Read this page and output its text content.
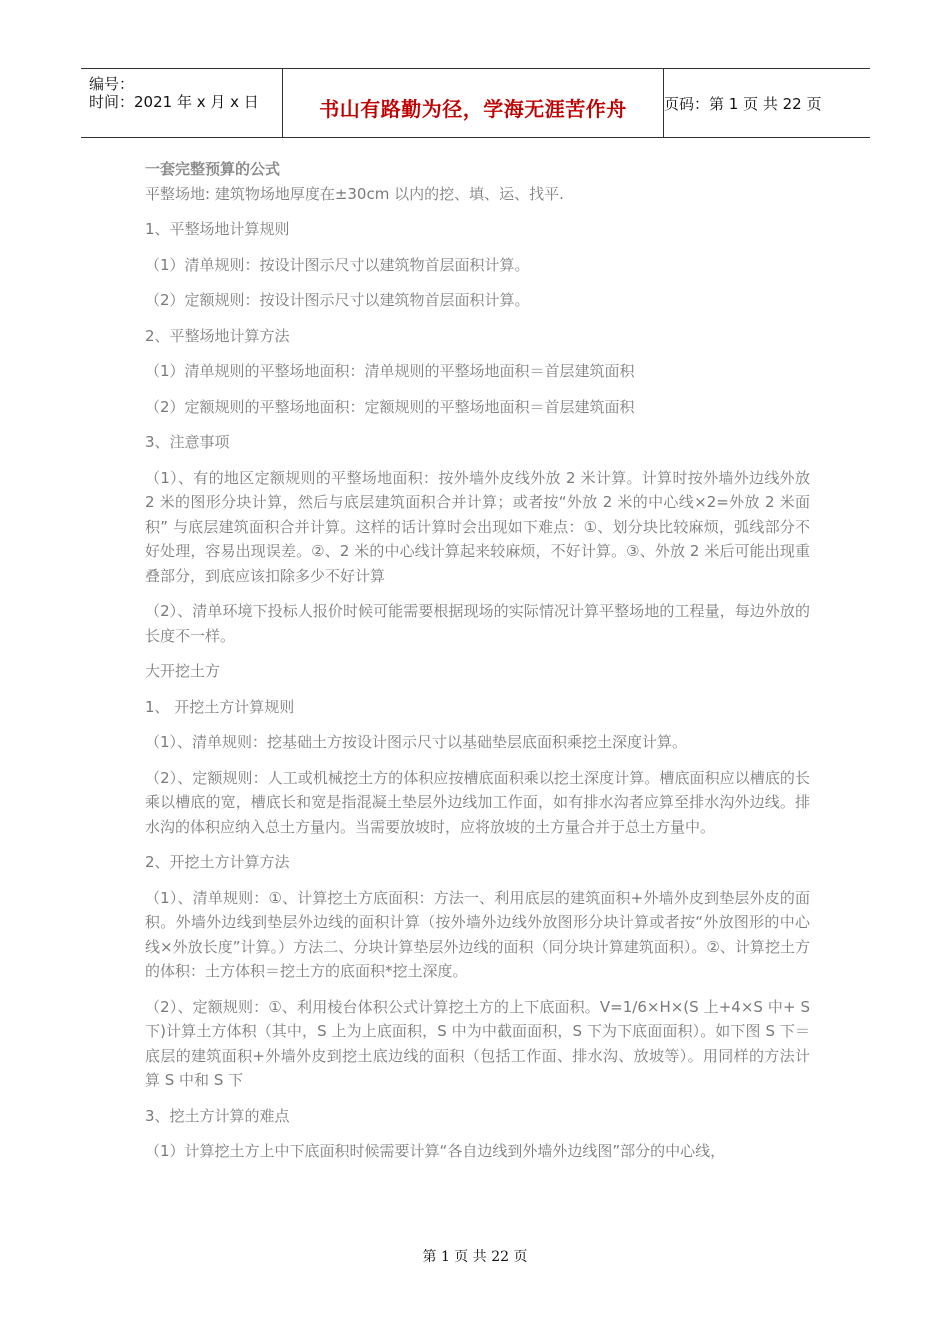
编号：
时间：2021 年 x 月 x 日	书山有路勤为径，学海无涯苦作舟	页码：第 1 页 共 22 页

一套完整预算的公式

平整场地: 建筑物场地厚度在±30cm 以内的挖、填、运、找平.

1、平整场地计算规则

（1）清单规则：按设计图示尺寸以建筑物首层面积计算。

（2）定额规则：按设计图示尺寸以建筑物首层面积计算。

2、平整场地计算方法

（1）清单规则的平整场地面积：清单规则的平整场地面积＝首层建筑面积

（2）定额规则的平整场地面积：定额规则的平整场地面积＝首层建筑面积

3、注意事项

（1）、有的地区定额规则的平整场地面积：按外墙外皮线外放 2 米计算。计算时按外墙外边线外放 2 米的图形分块计算，然后与底层建筑面积合并计算；或者按“外放 2 米的中心线×2=外放 2 米面积” 与底层建筑面积合并计算。这样的话计算时会出现如下难点：①、划分块比较麻烦，弧线部分不好处理，容易出现误差。②、2 米的中心线计算起来较麻烦，不好计算。③、外放 2 米后可能出现重叠部分，到底应该扣除多少不好计算

（2）、清单环境下投标人报价时候可能需要根据现场的实际情况计算平整场地的工程量，每边外放的长度不一样。

大开挖土方

1、 开挖土方计算规则

（1）、清单规则：挖基础土方按设计图示尺寸以基础垫层底面积乘挖土深度计算。

（2）、定额规则：人工或机械挖土方的体积应按槽底面积乘以挖土深度计算。槽底面积应以槽底的长乘以槽底的宽，槽底长和宽是指混凝土垫层外边线加工作面，如有排水沟者应算至排水沟外边线。排水沟的体积应纳入总土方量内。当需要放坡时，应将放坡的土方量合并于总土方量中。

2、开挖土方计算方法

（1）、清单规则：①、计算挖土方底面积：方法一、利用底层的建筑面积+外墙外皮到垫层外皮的面积。外墙外边线到垫层外边线的面积计算（按外墙外边线外放图形分块计算或者按“外放图形的中心线×外放长度”计算。）方法二、分块计算垫层外边线的面积（同分块计算建筑面积）。②、计算挖土方的体积：土方体积＝挖土方的底面积*挖土深度。

（2）、定额规则：①、利用棱台体积公式计算挖土方的上下底面积。V=1/6×H×(S 上+4×S 中+ S 下)计算土方体积（其中，S 上为上底面积，S 中为中截面面积，S 下为下底面面积）。如下图 S 下＝底层的建筑面积+外墙外皮到挖土底边线的面积（包括工作面、排水沟、放坡等）。用同样的方法计算 S 中和 S 下

3、挖土方计算的难点

（1）计算挖土方上中下底面积时候需要计算“各自边线到外墙外边线图”部分的中心线，

第 1 页 共 22 页
